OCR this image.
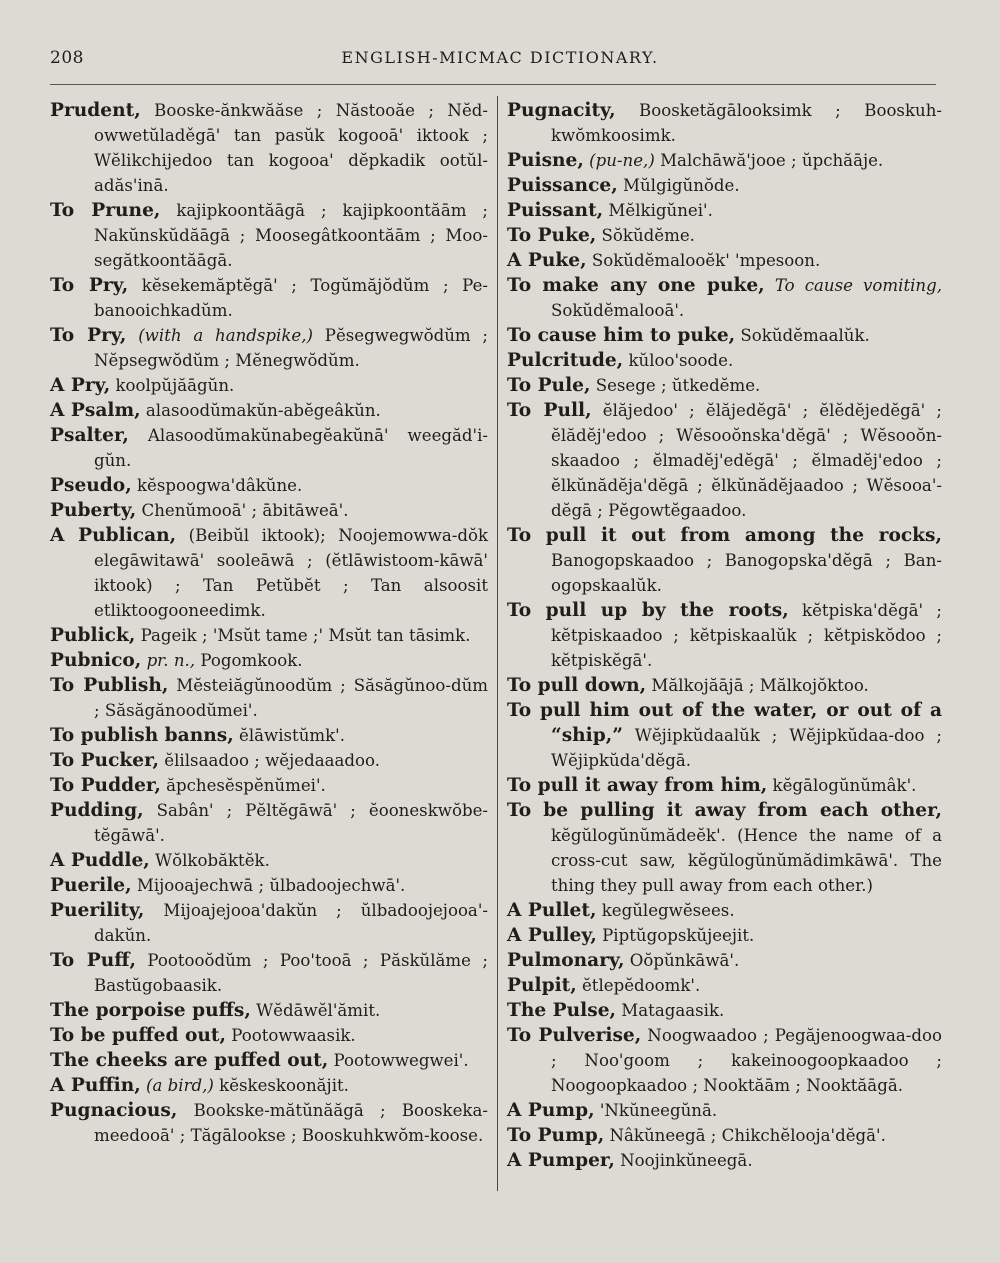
208	ENGLISH-MICMAC DICTIONARY.

Prudent, Booske-ănkwăăse ; Năstooăe ; Nĕd-owwetŭladěgā' tan pasŭk kogooā' iktook ; Wĕlikchijedoo tan kogooa' dĕpkadik ootŭl-adăs'inā.

To Prune, kajipkoontăāgā ; kajipkoontăām ; Nakŭnskŭdăāgā ; Moosegâtkoontăām ; Moo-segătkoontăāgā.

To Pry, kĕsekemăptĕgā' ; Togŭmăjŏdŭm ; Pe-banooichkadŭm.

To Pry, (with a handspike,) Pĕsegwegwŏdŭm ; Nĕpsegwŏdŭm ; Mĕnegwŏdŭm.

A Pry, koolpŭjăāgŭn.

A Psalm, alasoodŭmakŭn-abĕgeâkŭn.

Psalter, Alasoodŭmakŭnabegĕakŭnā' weegăd'i-gŭn.

Pseudo, kĕspoogwa'dâkŭne.

Puberty, Chenŭmooā' ; ābitāweā'.

A Publican, (Beibŭl iktook); Noojemowwa-dŏk elegāwitawā' sooleāwā ; (ĕtlāwistoom-kāwā' iktook) ; Tan Petŭbĕt ; Tan alsoosit etliktoogooneedimk.

Publick, Pageik ; 'Msŭt tame ;' Msŭt tan tāsimk.

Pubnico, pr. n., Pogomkook.

To Publish, Mĕsteiăgŭnoodŭm ; Săsăgŭnoo-dŭm ; Săsăgănoodŭmei'.

To publish banns, ĕlāwistŭmk'.

To Pucker, ĕlilsaadoo ; wĕjedaaadoo.

To Pudder, ăpchesĕspĕnŭmei'.

Pudding, Sabân' ; Pĕltĕgāwā' ; ĕooneskwŏbe-tĕgāwā'.

A Puddle, Wŏlkobăktĕk.

Puerile, Mijooajechwā ; ŭlbadoojechwā'.

Puerility, Mijoajejooa'dakŭn ; ŭlbadoojejooa'-dakŭn.

To Puff, Pootooŏdŭm ; Poo'tooā ; Păskŭlăme ; Bastŭgobaasik.

The porpoise puffs, Wĕdāwĕl'ămit.

To be puffed out, Pootowwaasik.

The cheeks are puffed out, Pootowwegwei'.

A Puffin, (a bird,) kĕskeskoonăjit.

Pugnacious, Bookske-mătŭnăăgā ; Booskeka-meedooā' ; Tăgālookse ; Booskuhkwŏm-koose.

Pugnacity, Boosketăgālooksimk ; Booskuh-kwŏmkoosimk.

Puisne, (pu-ne,) Malchāwă'jooe ; ŭpchăāje.

Puissance, Mŭlgigŭnŏde.

Puissant, Mĕlkigŭnei'.

To Puke, Sŏkŭdĕme.

A Puke, Sokŭdĕmalooĕk' 'mpesoon.

To make any one puke, To cause vomiting, Sokŭdĕmalooā'.

To cause him to puke, Sokŭdĕmaalŭk.

Pulcritude, kŭloo'soode.

To Pule, Sesege ; ŭtkedĕme.

To Pull, ĕlăjedoo' ; ĕlăjedĕgā' ; ĕlĕdĕjedĕgā' ; ĕlădĕj'edoo ; Wĕsooŏnska'dĕgā' ; Wĕsooŏn-skaadoo ; ĕlmadĕj'edĕgā' ; ĕlmadĕj'edoo ; ĕlkŭnădĕja'dĕgā ; ĕlkŭnădĕjaadoo ; Wĕsooa'-dĕgā ; Pĕgowtĕgaadoo.

To pull it out from among the rocks, Banogopskaadoo ; Banogopska'dĕgā ; Ban-ogopskaalŭk.

To pull up by the roots, kĕtpiska'dĕgā' ; kĕtpiskaadoo ; kĕtpiskaalŭk ; kĕtpiskŏdoo ; kĕtpiskĕgā'.

To pull down, Mălkojăājā ; Mălkojŏktoo.

To pull him out of the water, or out of a “ship,” Wĕjipkŭdaalŭk ; Wĕjipkŭdaa-doo ; Wĕjipkŭda'dĕgā.

To pull it away from him, kĕgālogŭnŭmâk'.

To be pulling it away from each other, kĕgŭlogŭnŭmădeĕk'. (Hence the name of a cross-cut saw, kĕgŭlogŭnŭmădimkāwā'. The thing they pull away from each other.)

A Pullet, kegŭlegwĕsees.

A Pulley, Piptŭgopskŭjeejit.

Pulmonary, Oŏpŭnkāwā'.

Pulpit, ĕtlepĕdoomk'.

The Pulse, Matagaasik.

To Pulverise, Noogwaadoo ; Pegăjenoogwaa-doo ; Noo'goom ; kakeinoogoopkaadoo ; Noogoopkaadoo ; Nooktăām ; Nooktăāgā.

A Pump, 'Nkŭneegŭnā.

To Pump, Nâkŭneegā ; Chikchĕlooja'dĕgā'.

A Pumper, Noojinkŭneegā.
